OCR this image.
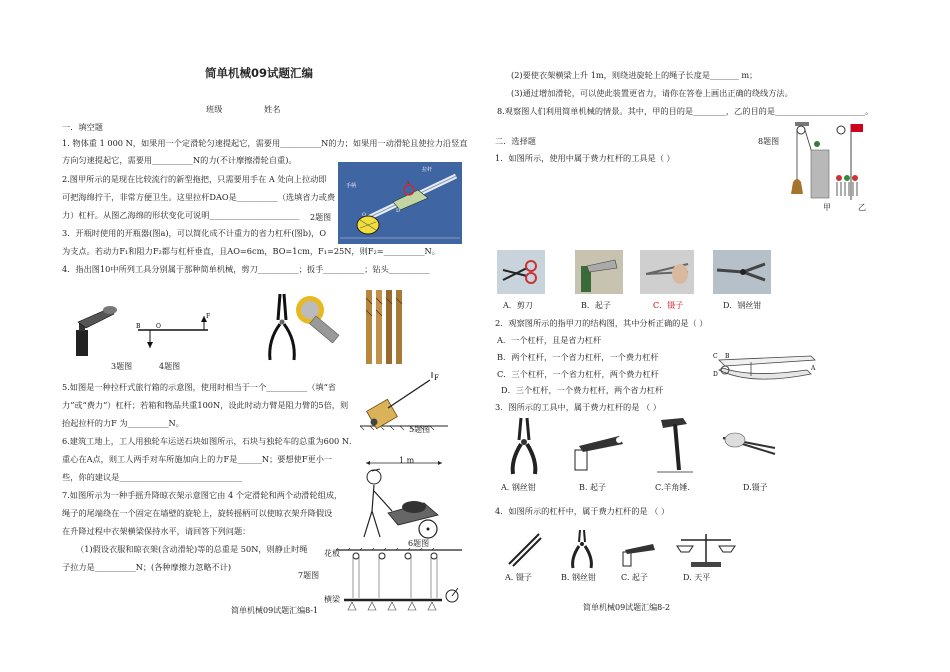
简单机械09试题汇编
班级                姓名
一．填空题
1. 物体重 1 000 N，如果用一个定滑轮匀速提起它，需要用__________N的力；如果用一动滑轮且使拉力沿竖直
方向匀速提起它，需要用__________N的力(不计摩擦滑轮自重)。
2.图甲所示的是现在比较流行的新型拖把，只需要用手在 A 处向上拉动即
可把海绵拧干，非常方便卫生。这里拉杆DAO是__________（选填省力或费
力）杠杆。从图乙海绵的形状变化可说明______________________ 2题图
手柄	A
D
O
拉杆
3．开瓶时使用的开瓶器(图a)，可以简化成不计重力的省力杠杆(图b)，O
为支点。若动力F₁和阻力F₂都与杠杆垂直，且AO=6cm，BO=1cm，F₁=25N，则F₂=__________N。
4．指出图10中所列工具分别属于那种简单机械，剪刀__________；扳手__________；钻头__________
B	O
F
3题图	4题图
5.如图是一种拉杆式旅行箱的示意图，使用时相当于一个__________（填“省
力”或“费力”）杠杆；若箱和物品共重100N，设此时动力臂是阻力臂的5倍，则
抬起拉杆的力F 为__________N。
F
5题图
6.建筑工地上，工人用独轮车运送石块如图所示，石块与独轮车的总重为600 N．
重心在A点，则工人两手对车所施加向上的力F是______N；要想使F更小一
些，你的建议是______________________________
1 m
6题图
7.如图所示为一种手摇升降晾衣架示意图它由 4 个定滑轮和两个动滑轮组成，
绳子的尾端绕在一个固定在墙壁的旋轮上，旋转摇柄可以使晾衣架升降假设
在升降过程中衣架横梁保持水平，请回答下列问题：
（1)假设衣服和晾衣架(含动滑轮)等的总重是 50N，则静止时绳
子拉力是__________N；(各种摩擦力忽略不计)
7题图
花板
横梁
简单机械09试题汇编8-1
(2)要使衣架横梁上升 1m，则绕进旋轮上的绳子长度是_______ m；
(3)通过增加滑轮，可以使此装置更省力，请你在答卷上画出正确的绕线方法。
8.观察图人们利用简单机械的情景。其中，甲的目的是________，乙的目的是______________________。
8题图
甲	乙
二．选择题
1．如图所示，使用中属于费力杠杆的工具是（ ）
A．剪刀	B．起子	C．镊子	D．钢丝钳
2．观察图所示的指甲刀的结构图，其中分析正确的是（ ）
A．一个杠杆，且是省力杠杆
B．两个杠杆，一个省力杠杆，一个费力杠杆
C．三个杠杆，一个省力杠杆，两个费力杠杆
D．三个杠杆，一个费力杠杆，两个省力杠杆
C B
D
A
3．图所示的工具中，属于费力杠杆的是 （ ）
A. 钢丝钳	B. 起子	C.羊角锤.	D.镊子
4．如图所示的杠杆中，属于费力杠杆的是 （ ）
A. 镊子	B. 钢丝钳	C. 起子	D. 天平
简单机械09试题汇编8-2
